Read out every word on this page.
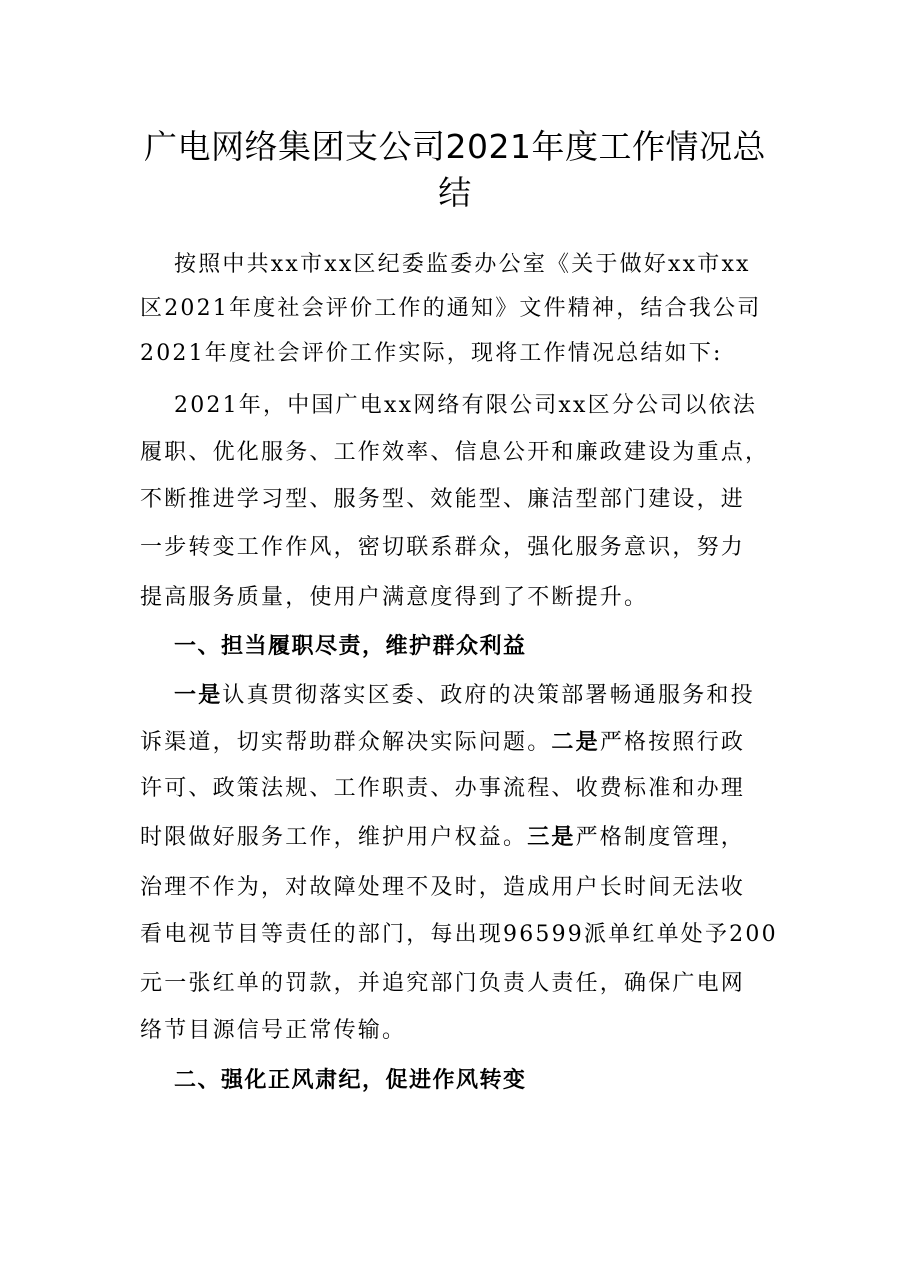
广电网络集团支公司2021年度工作情况总
结
按照中共xx市xx区纪委监委办公室《关于做好xx市xx
区2021年度社会评价工作的通知》文件精神，结合我公司
2021年度社会评价工作实际，现将工作情况总结如下:
2021年，中国广电xx网络有限公司xx区分公司以依法
履职、优化服务、工作效率、信息公开和廉政建设为重点，
不断推进学习型、服务型、效能型、廉洁型部门建设，进
一步转变工作作风，密切联系群众，强化服务意识，努力
提高服务质量，使用户满意度得到了不断提升。
一、担当履职尽责，维护群众利益
一是认真贯彻落实区委、政府的决策部署畅通服务和投
诉渠道，切实帮助群众解决实际问题。二是严格按照行政
许可、政策法规、工作职责、办事流程、收费标准和办理
时限做好服务工作，维护用户权益。三是严格制度管理，
治理不作为，对故障处理不及时，造成用户长时间无法收
看电视节目等责任的部门，每出现96599派单红单处予200
元一张红单的罚款，并追究部门负责人责任，确保广电网
络节目源信号正常传输。
二、强化正风肃纪，促进作风转变
